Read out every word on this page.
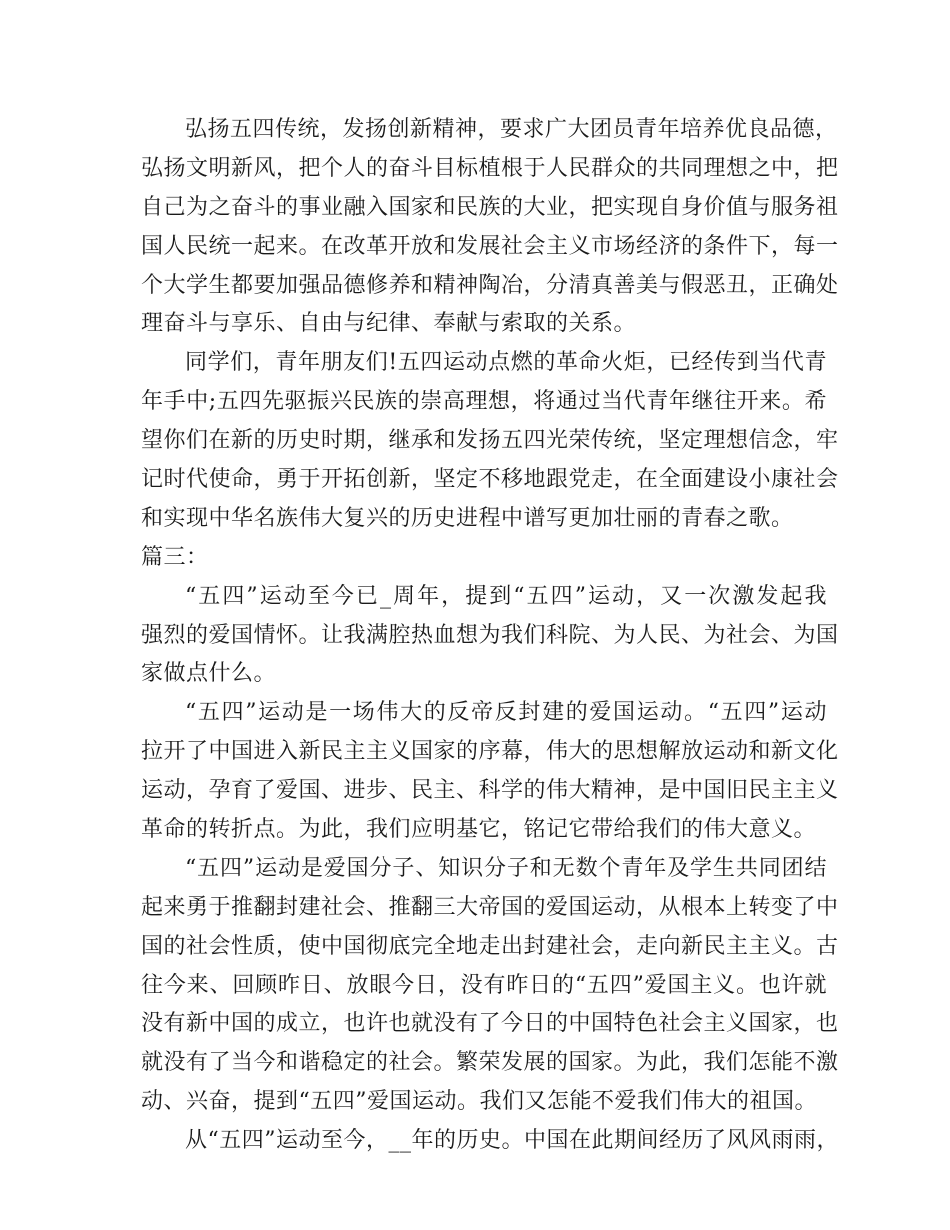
弘扬五四传统，发扬创新精神，要求广大团员青年培养优良品德，
弘扬文明新风，把个人的奋斗目标植根于人民群众的共同理想之中，把
自己为之奋斗的事业融入国家和民族的大业，把实现自身价值与服务祖
国人民统一起来。在改革开放和发展社会主义市场经济的条件下，每一
个大学生都要加强品德修养和精神陶冶，分清真善美与假恶丑，正确处
理奋斗与享乐、自由与纪律、奉献与索取的关系。
同学们，青年朋友们!五四运动点燃的革命火炬，已经传到当代青
年手中;五四先驱振兴民族的崇高理想，将通过当代青年继往开来。希
望你们在新的历史时期，继承和发扬五四光荣传统，坚定理想信念，牢
记时代使命，勇于开拓创新，坚定不移地跟党走，在全面建设小康社会
和实现中华名族伟大复兴的历史进程中谱写更加壮丽的青春之歌。
篇三：
“五四”运动至今已_周年，提到“五四”运动，又一次激发起我
强烈的爱国情怀。让我满腔热血想为我们科院、为人民、为社会、为国
家做点什么。
“五四”运动是一场伟大的反帝反封建的爱国运动。“五四”运动
拉开了中国进入新民主主义国家的序幕，伟大的思想解放运动和新文化
运动，孕育了爱国、进步、民主、科学的伟大精神，是中国旧民主主义
革命的转折点。为此，我们应明基它，铭记它带给我们的伟大意义。
“五四”运动是爱国分子、知识分子和无数个青年及学生共同团结
起来勇于推翻封建社会、推翻三大帝国的爱国运动，从根本上转变了中
国的社会性质，使中国彻底完全地走出封建社会，走向新民主主义。古
往今来、回顾昨日、放眼今日，没有昨日的“五四”爱国主义。也许就
没有新中国的成立，也许也就没有了今日的中国特色社会主义国家，也
就没有了当今和谐稳定的社会。繁荣发展的国家。为此，我们怎能不激
动、兴奋，提到“五四”爱国运动。我们又怎能不爱我们伟大的祖国。
从“五四”运动至今，__年的历史。中国在此期间经历了风风雨雨，
